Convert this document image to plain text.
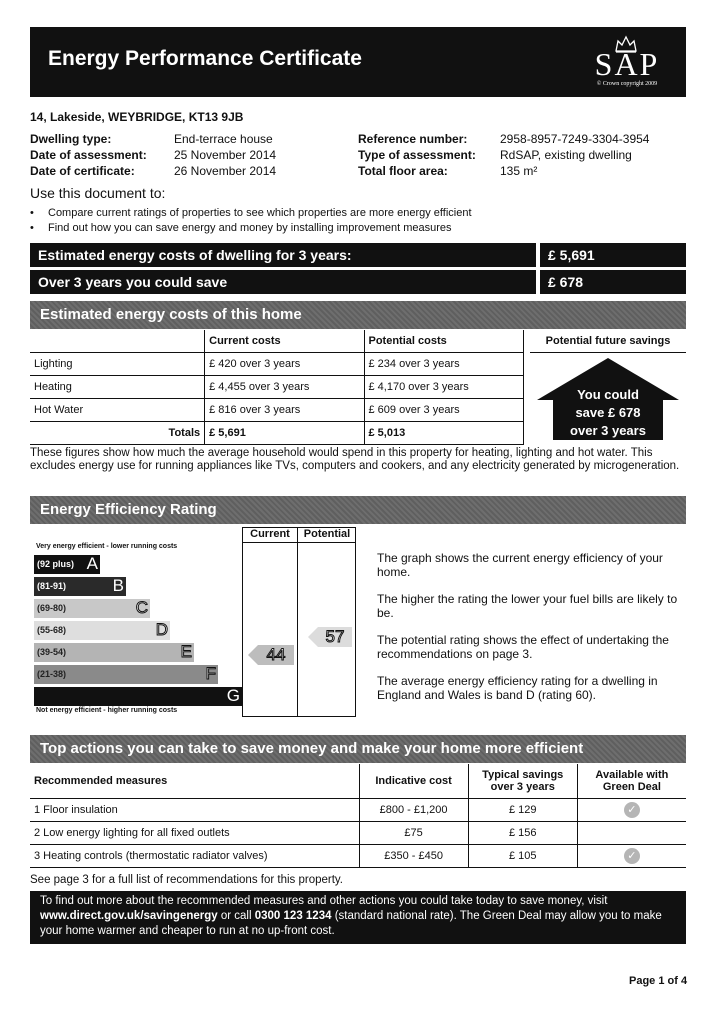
Energy Performance Certificate	SAP
© Crown copyright 2009
14, Lakeside, WEYBRIDGE, KT13 9JB
Dwelling type:	End-terrace house
Date of assessment: 25 November 2014
Date of certificate:	26 November 2014
Reference number:	2958-8957-7249-3304-3954
Type of assessment: RdSAP, existing dwelling
Total floor area:	135 m²
Use this document to:
• Compare current ratings of properties to see which properties are more energy efficient
• Find out how you can save energy and money by installing improvement measures
Estimated energy costs of dwelling for 3 years:	£ 5,691
Over 3 years you could save	£ 678
Estimated energy costs of this home
	Current costs	Potential costs
Lighting	£ 420 over 3 years	£ 234 over 3 years
Heating	£ 4,455 over 3 years	£ 4,170 over 3 years
Hot Water	£ 816 over 3 years	£ 609 over 3 years
Totals	£ 5,691	£ 5,013
Potential future savings
You could
save £ 678
over 3 years
These figures show how much the average household would spend in this property for heating, lighting and hot water. This excludes energy use for running appliances like TVs, computers and cookers, and any electricity generated by microgeneration.
Energy Efficiency Rating
Current	Potential
Very energy efficient - lower running costs
Not energy efficient - higher running costs
(92 plus) A
(81-91)	B
(69-80)	C
(55-68)	D
(39-54)	E
(21-38)	F
G
44
57
The graph shows the current energy efficiency of your home.
The higher the rating the lower your fuel bills are likely to be.
The potential rating shows the effect of undertaking the recommendations on page 3.
The average energy efficiency rating for a dwelling in England and Wales is band D (rating 60).
Top actions you can take to save money and make your home more efficient
Recommended measures	Indicative cost	Typical savings over 3 years	Available with Green Deal
1 Floor insulation	£800 - £1,200	£ 129	✓
2 Low energy lighting for all fixed outlets	£75	£ 156	
3 Heating controls (thermostatic radiator valves)	£350 - £450	£ 105	✓
See page 3 for a full list of recommendations for this property.
To find out more about the recommended measures and other actions you could take today to save money, visit www.direct.gov.uk/savingenergy or call 0300 123 1234 (standard national rate). The Green Deal may allow you to make your home warmer and cheaper to run at no up-front cost.
Page 1 of 4
